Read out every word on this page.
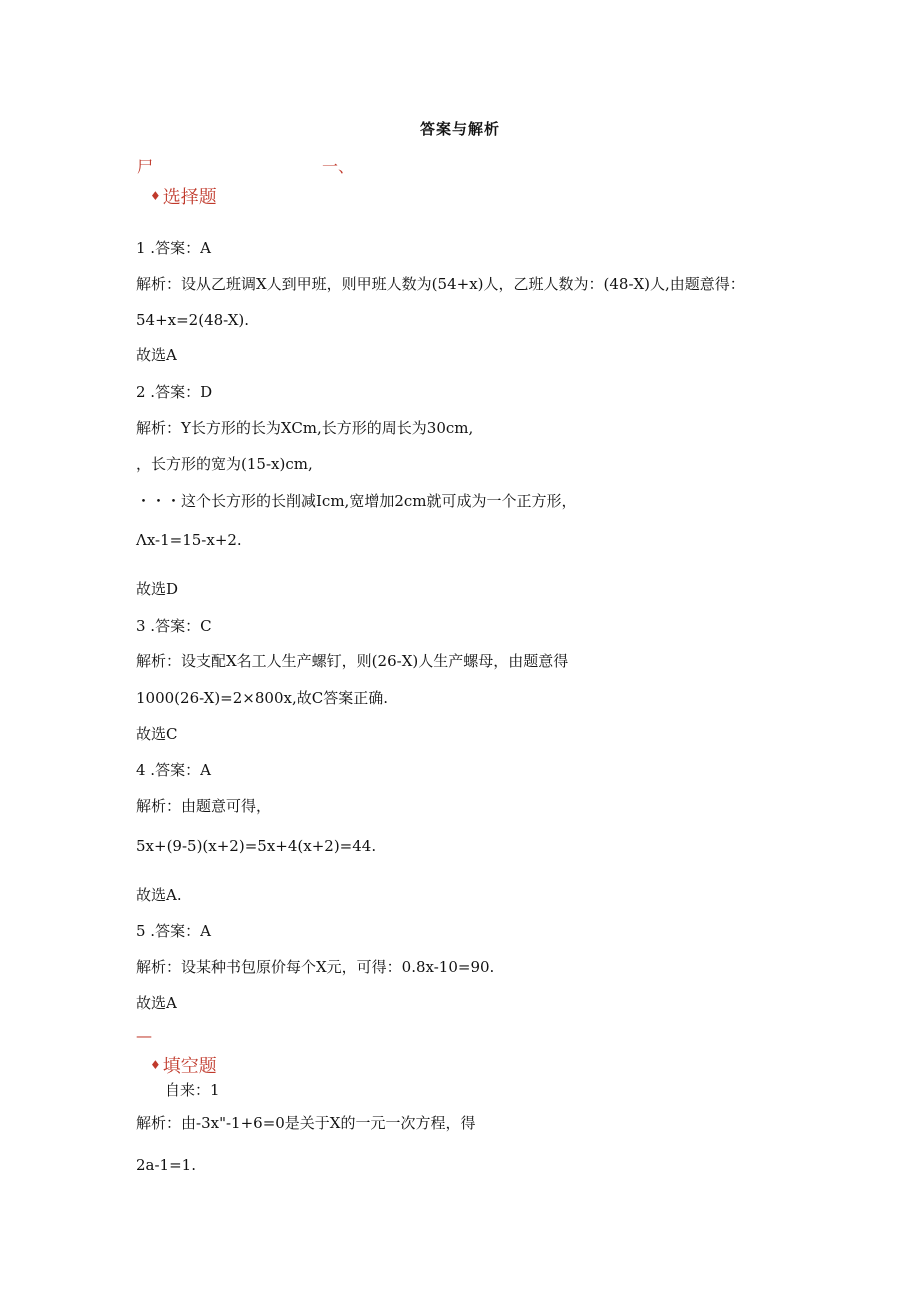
答案与解析
尸	一、
♦ 选择题
1 .答案：A
解析：设从乙班调X人到甲班，则甲班人数为(54+x)人，乙班人数为：(48-X)人,由题意得：
54+x=2(48-X).
故选A
2 .答案：D
解析：Y长方形的长为XCm,长方形的周长为30cm,
，长方形的宽为(15-x)cm,
・・・这个长方形的长削减Icm,宽增加2cm就可成为一个正方形，
Λx-1=15-x+2.
故选D
3 .答案：C
解析：设支配X名工人生产螺钉，则(26-X)人生产螺母，由题意得
1000(26-X)=2×800x,故C答案正确.
故选C
4 .答案：A
解析：由题意可得，
5x+(9-5)(x+2)=5x+4(x+2)=44.
故选A.
5 .答案：A
解析：设某种书包原价每个X元，可得：0.8x-10=90.
故选A
—
♦ 填空题
自来：1
解析：由-3x"-1+6=0是关于X的一元一次方程，得
2a-1=1.
